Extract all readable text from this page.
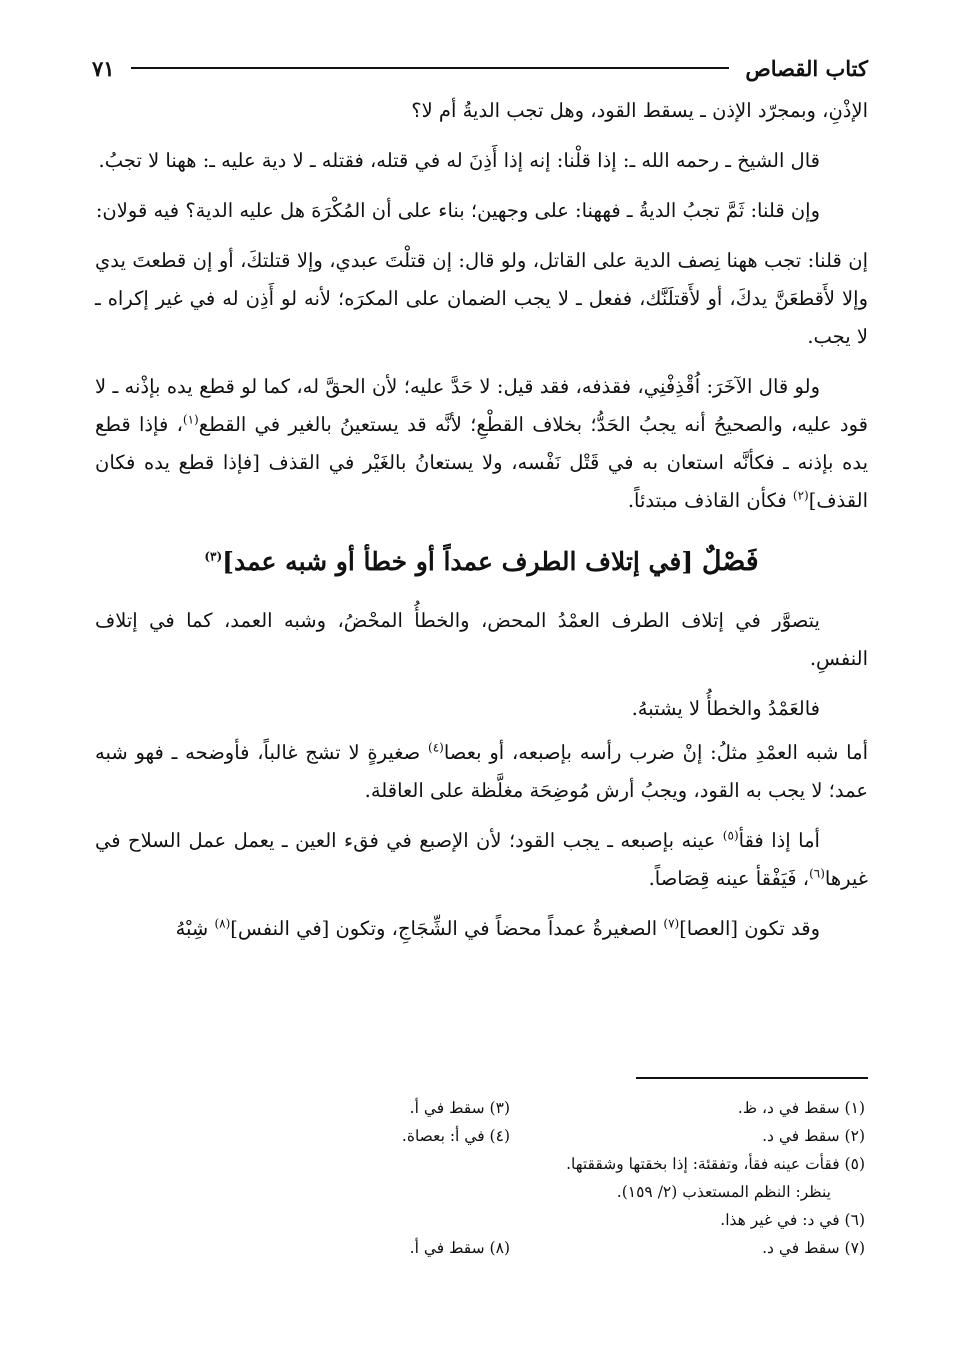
كتاب القصاص
٧١

الإذْنِ، وبمجرّد الإذن ـ يسقط القود، وهل تجب الديةُ أم لا؟

قال الشيخ ـ رحمه الله ـ: إذا قلْنا: إنه إذا أَذِنَ له في قتله، فقتله ـ لا دية عليه ـ: ههنا لا تجبُ.

وإن قلنا: ثَمَّ تجبُ الديةُ ـ فههنا: على وجهين؛ بناء على أن المُكْرَهَ هل عليه الدية؟ فيه قولان:

إن قلنا: تجب ههنا نِصف الدية على القاتل، ولو قال: إن قتلْتَ عبدي، وإلا قتلتكَ، أو إن قطعتَ يدي وإلا لأَقطعَنَّ يدكَ، أو لأَقتلَنَّك، ففعل ـ لا يجب الضمان على المكرَه؛ لأنه لو أَذِن له في غير إكراه ـ لا يجب.

ولو قال الآخَرَ: اُقْذِفْنِي، فقذفه، فقد قيل: لا حَدَّ عليه؛ لأن الحقَّ له، كما لو قطع يده بإذْنه ـ لا قود عليه، والصحيحُ أنه يجبُ الحَدُّ؛ بخلاف القطْعِ؛ لأنَّه قد يستعينُ بالغير في القطع$^{(١)}$، فإذا قطع يده بإذنه ـ فكأنَّه استعان به في قَتْل نَفْسه، ولا يستعانُ بالغَيْر في القذف [فإذا قطع يده فكان القذف]$^{(٢)}$ فكأن القاذف مبتدئاً.

فَصْلٌ [في إتلاف الطرف عمداً أو خطأ أو شبه عمد]$^{(٣)}$

يتصوَّر في إتلاف الطرف العمْدُ المحض، والخطأُ المحْضُ، وشبه العمد، كما في إتلاف النفسِ.

فالعَمْدُ والخطأُ لا يشتبهُ.

أما شبه العمْدِ مثلُ: إنْ ضرب رأسه بإصبعه، أو بعصا$^{(٤)}$ صغيرةٍ لا تشج غالباً، فأوضحه ـ فهو شبه عمد؛ لا يجب به القود، ويجبُ أرش مُوضِحَة مغلَّظة على العاقلة.

أما إذا فقأ$^{(٥)}$ عينه بإصبعه ـ يجب القود؛ لأن الإصبع في فقء العين ـ يعمل عمل السلاح في غيرها$^{(٦)}$، فَيَفْقأ عينه قِصَاصاً.

وقد تكون [العصا]$^{(٧)}$ الصغيرةُ عمداً محضاً في الشِّجَاجِ، وتكون [في النفس]$^{(٨)}$ شِبْهُ

(١) سقط في د، ظ.
(٣) سقط في أ.
(٢) سقط في د.
(٤) في أ: بعصاة.
(٥) فقأت عينه فقأ، وتفقئة: إذا بخقتها وشققتها.
ينظر: النظم المستعذب (٢/ ١٥٩).
(٦) في د: في غير هذا.
(٧) سقط في د.
(٨) سقط في أ.
